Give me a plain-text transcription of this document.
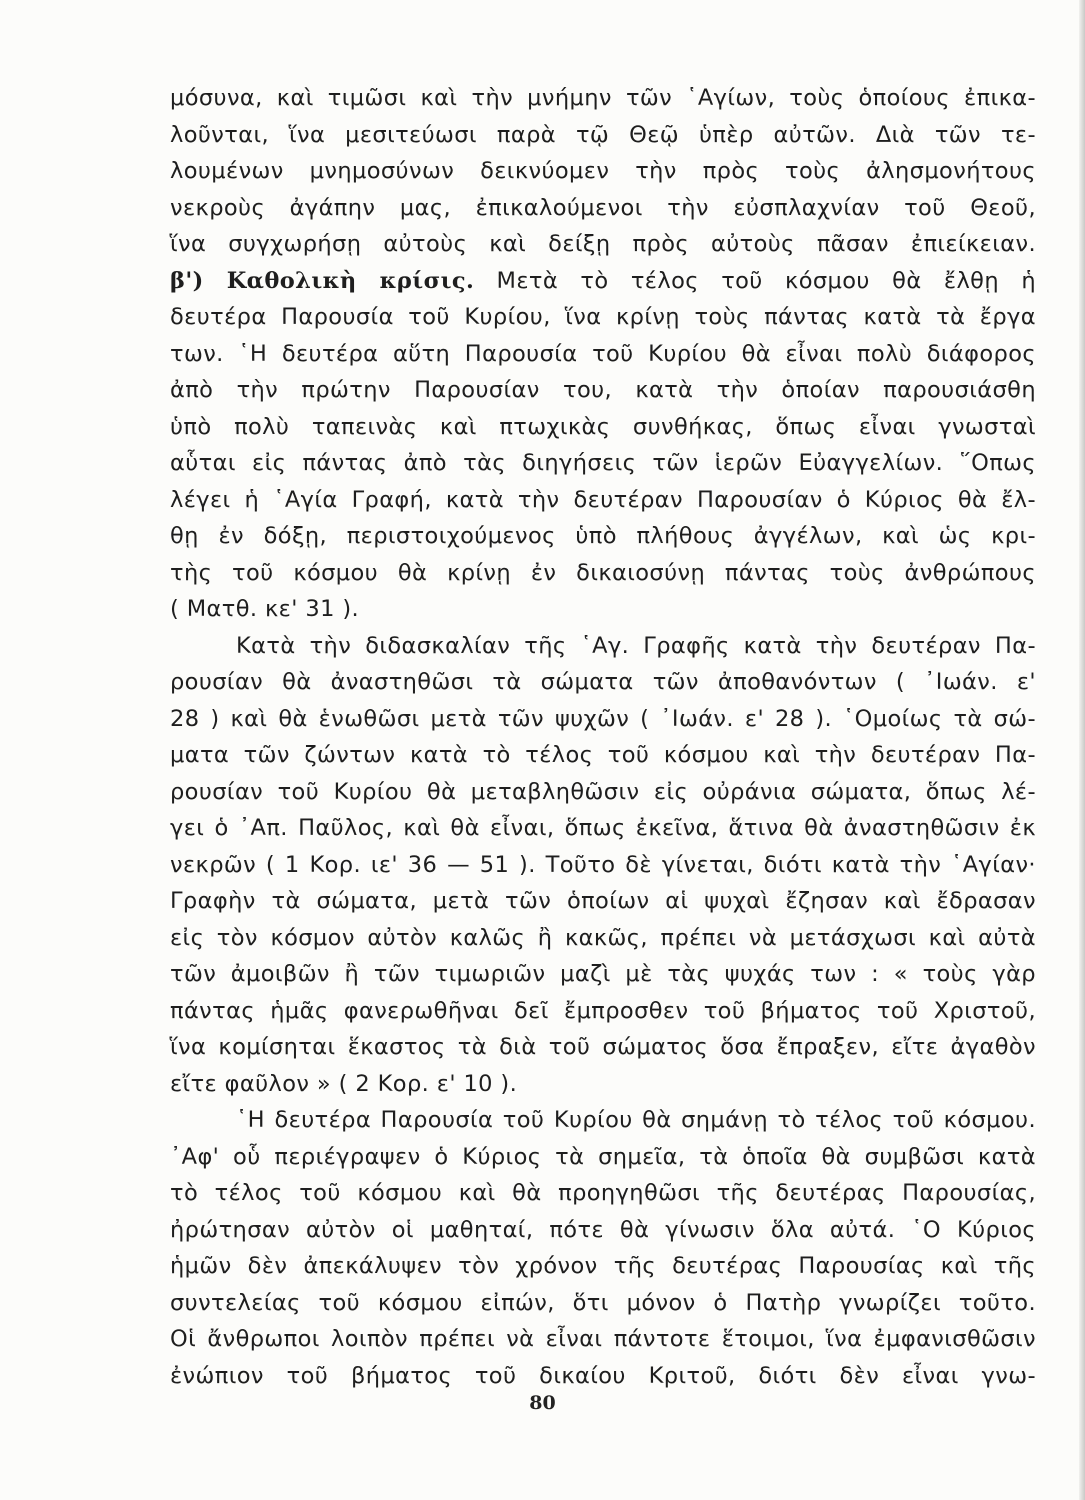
μόσυνα, καὶ τιμῶσι καὶ τὴν μνήμην τῶν ῾Αγίων, τοὺς ὁποίους ἐπικα-
λοῦνται, ἵνα μεσιτεύωσι παρὰ τῷ Θεῷ ὑπὲρ αὐτῶν. Διὰ τῶν τε-
λουμένων μνημοσύνων δεικνύομεν τὴν πρὸς τοὺς ἀλησμονήτους
νεκροὺς ἀγάπην μας, ἐπικαλούμενοι τὴν εὐσπλαχνίαν τοῦ Θεοῦ,
ἵνα συγχωρήσῃ αὐτοὺς καὶ δείξῃ πρὸς αὐτοὺς πᾶσαν ἐπιείκειαν.
β') Καθολικὴ κρίσις. Μετὰ τὸ τέλος τοῦ κόσμου θὰ ἔλθῃ ἡ
δευτέρα Παρουσία τοῦ Κυρίου, ἵνα κρίνῃ τοὺς πάντας κατὰ τὰ ἔργα
των. ῾Η δευτέρα αὕτη Παρουσία τοῦ Κυρίου θὰ εἶναι πολὺ διάφορος
ἀπὸ τὴν πρώτην Παρουσίαν του, κατὰ τὴν ὁποίαν παρουσιάσθη
ὑπὸ πολὺ ταπεινὰς καὶ πτωχικὰς συνθήκας, ὅπως εἶναι γνωσταὶ
αὗται εἰς πάντας ἀπὸ τὰς διηγήσεις τῶν ἱερῶν Εὐαγγελίων. ῞Οπως
λέγει ἡ ῾Αγία Γραφή, κατὰ τὴν δευτέραν Παρουσίαν ὁ Κύριος θὰ ἔλ-
θῃ ἐν δόξῃ, περιστοιχούμενος ὑπὸ πλήθους ἀγγέλων, καὶ ὡς κρι-
τὴς τοῦ κόσμου θὰ κρίνῃ ἐν δικαιοσύνῃ πάντας τοὺς ἀνθρώπους
( Ματθ. κε' 31 ).
Κατὰ τὴν διδασκαλίαν τῆς ῾Αγ. Γραφῆς κατὰ τὴν δευτέραν Πα-
ρουσίαν θὰ ἀναστηθῶσι τὰ σώματα τῶν ἀποθανόντων ( ᾿Ιωάν. ε'
28 ) καὶ θὰ ἑνωθῶσι μετὰ τῶν ψυχῶν ( ᾿Ιωάν. ε' 28 ). ῾Ομοίως τὰ σώ-
ματα τῶν ζώντων κατὰ τὸ τέλος τοῦ κόσμου καὶ τὴν δευτέραν Πα-
ρουσίαν τοῦ Κυρίου θὰ μεταβληθῶσιν εἰς οὐράνια σώματα, ὅπως λέ-
γει ὁ ᾿Απ. Παῦλος, καὶ θὰ εἶναι, ὅπως ἐκεῖνα, ἅτινα θὰ ἀναστηθῶσιν ἐκ
νεκρῶν ( 1 Κορ. ιε' 36 — 51 ). Τοῦτο δὲ γίνεται, διότι κατὰ τὴν ῾Αγίαν·
Γραφὴν τὰ σώματα, μετὰ τῶν ὁποίων αἱ ψυχαὶ ἔζησαν καὶ ἔδρασαν
εἰς τὸν κόσμον αὐτὸν καλῶς ἢ κακῶς, πρέπει νὰ μετάσχωσι καὶ αὐτὰ
τῶν ἀμοιβῶν ἢ τῶν τιμωριῶν μαζὶ μὲ τὰς ψυχάς των : « τοὺς γὰρ
πάντας ἡμᾶς φανερωθῆναι δεῖ ἔμπροσθεν τοῦ βήματος τοῦ Χριστοῦ,
ἵνα κομίσηται ἕκαστος τὰ διὰ τοῦ σώματος ὅσα ἔπραξεν, εἴτε ἀγαθὸν
εἴτε φαῦλον » ( 2 Κορ. ε' 10 ).
῾Η δευτέρα Παρουσία τοῦ Κυρίου θὰ σημάνῃ τὸ τέλος τοῦ κόσμου.
᾿Αφ' οὗ περιέγραψεν ὁ Κύριος τὰ σημεῖα, τὰ ὁποῖα θὰ συμβῶσι κατὰ
τὸ τέλος τοῦ κόσμου καὶ θὰ προηγηθῶσι τῆς δευτέρας Παρουσίας,
ἠρώτησαν αὐτὸν οἱ μαθηταί, πότε θὰ γίνωσιν ὅλα αὐτά. ῾Ο Κύριος
ἡμῶν δὲν ἀπεκάλυψεν τὸν χρόνον τῆς δευτέρας Παρουσίας καὶ τῆς
συντελείας τοῦ κόσμου εἰπών, ὅτι μόνον ὁ Πατὴρ γνωρίζει τοῦτο.
Οἱ ἄνθρωποι λοιπὸν πρέπει νὰ εἶναι πάντοτε ἕτοιμοι, ἵνα ἐμφανισθῶσιν
ἐνώπιον τοῦ βήματος τοῦ δικαίου Κριτοῦ, διότι δὲν εἶναι γνω-
80
